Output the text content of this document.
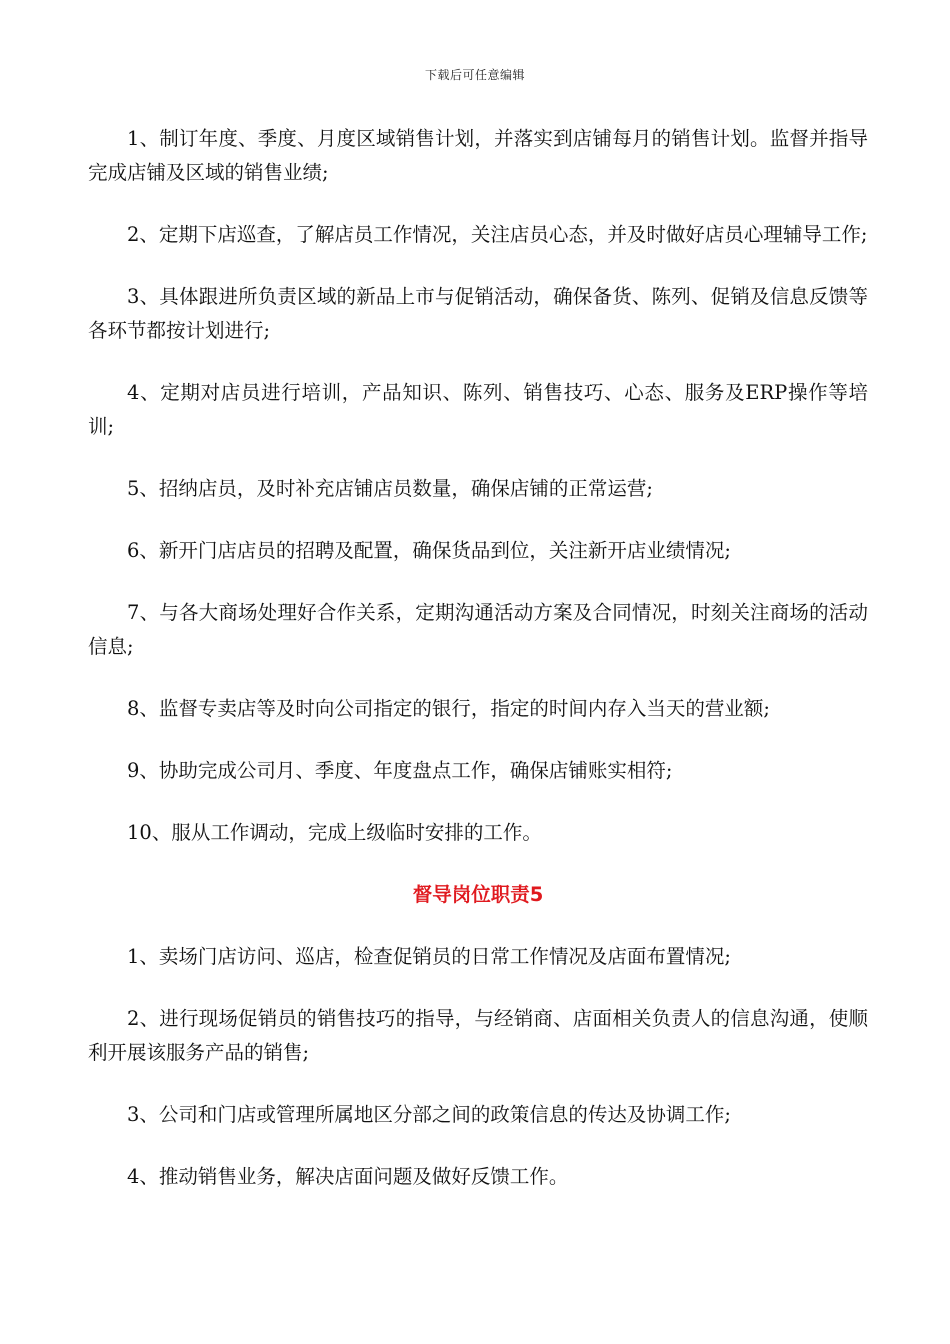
下载后可任意编辑

1、制订年度、季度、月度区域销售计划，并落实到店铺每月的销售计划。监督并指导完成店铺及区域的销售业绩;

2、定期下店巡查，了解店员工作情况，关注店员心态，并及时做好店员心理辅导工作;

3、具体跟进所负责区域的新品上市与促销活动，确保备货、陈列、促销及信息反馈等各环节都按计划进行;

4、定期对店员进行培训，产品知识、陈列、销售技巧、心态、服务及ERP操作等培训;

5、招纳店员，及时补充店铺店员数量，确保店铺的正常运营;

6、新开门店店员的招聘及配置，确保货品到位，关注新开店业绩情况;

7、与各大商场处理好合作关系，定期沟通活动方案及合同情况，时刻关注商场的活动信息;

8、监督专卖店等及时向公司指定的银行，指定的时间内存入当天的营业额;

9、协助完成公司月、季度、年度盘点工作，确保店铺账实相符;

10、服从工作调动，完成上级临时安排的工作。

督导岗位职责5

1、卖场门店访问、巡店，检查促销员的日常工作情况及店面布置情况;

2、进行现场促销员的销售技巧的指导，与经销商、店面相关负责人的信息沟通，使顺利开展该服务产品的销售;

3、公司和门店或管理所属地区分部之间的政策信息的传达及协调工作;

4、推动销售业务，解决店面问题及做好反馈工作。
